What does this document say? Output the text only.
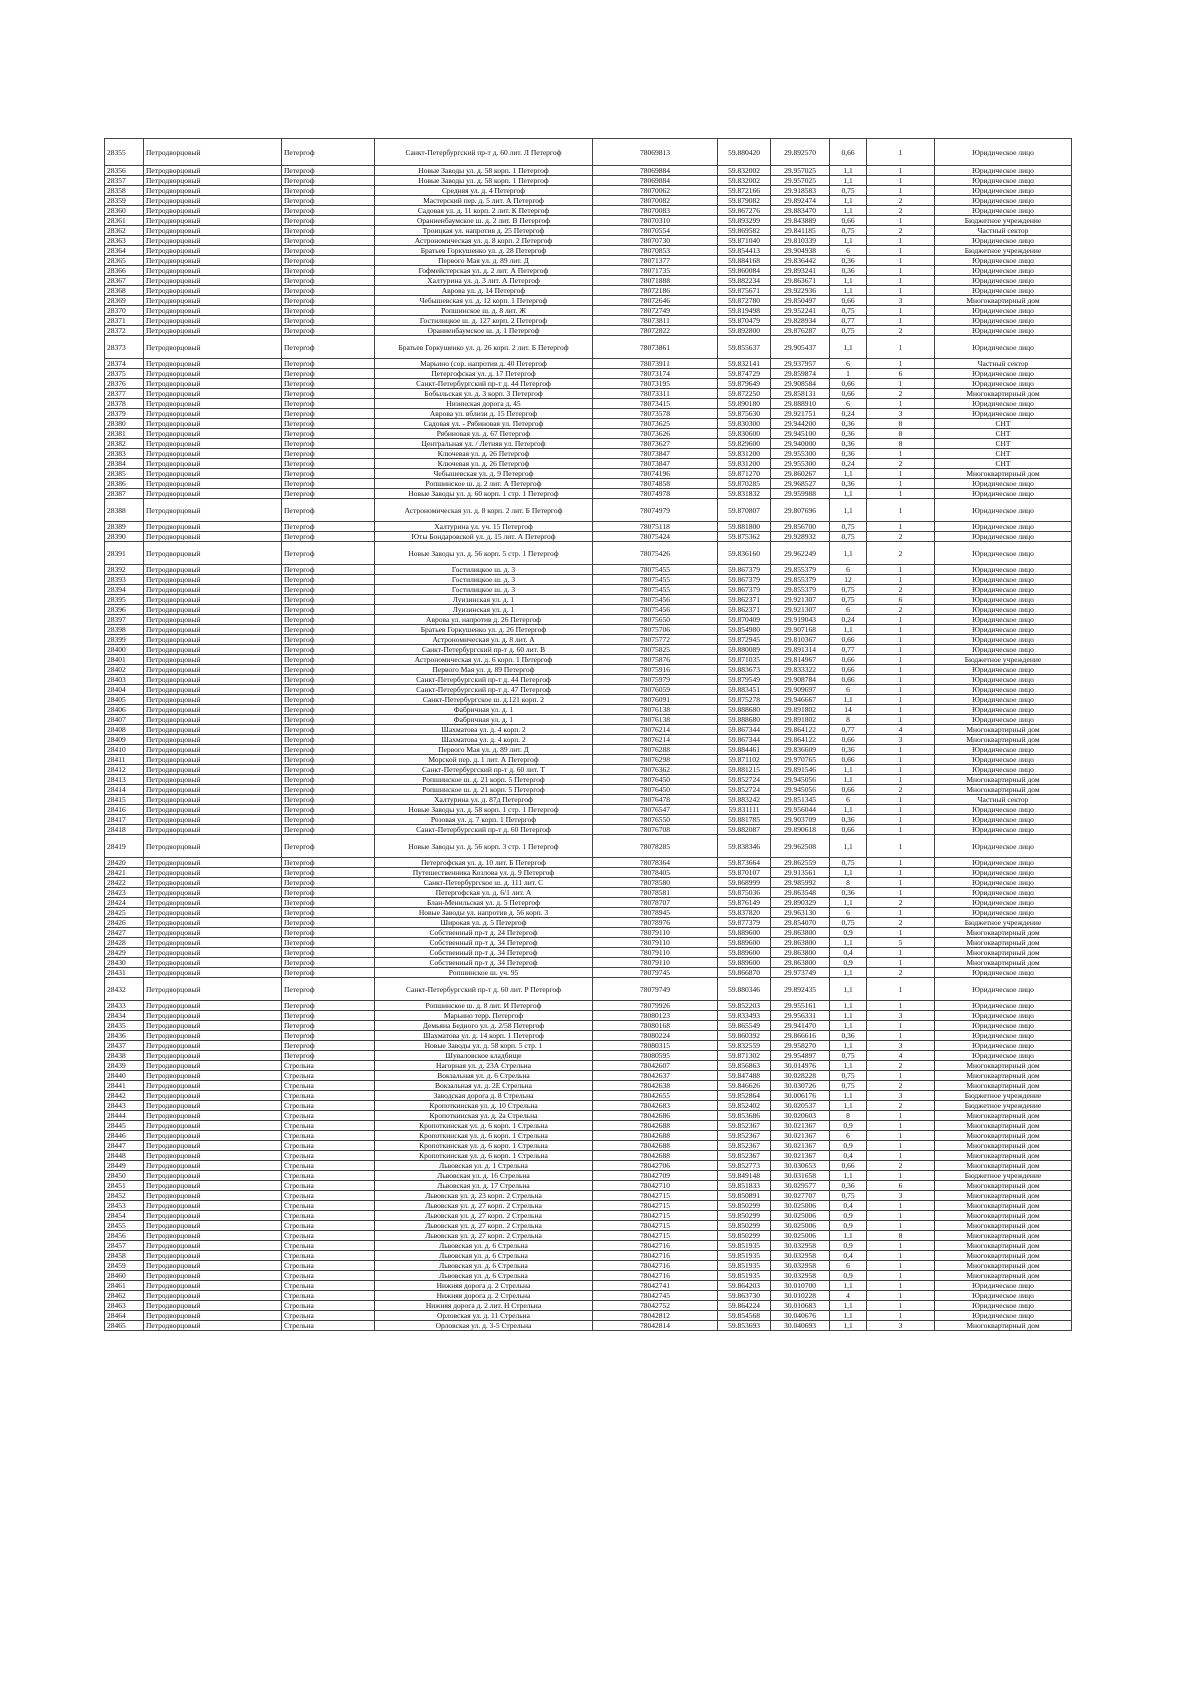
28355	Петродворцовый	Петергоф	Санкт-Петербургский пр-т д. 60 лит. Л Петергоф	78069813	59.880420	29.892570	0,66	1	Юридическое лицо
28356	Петродворцовый	Петергоф	Новые Заводы ул. д. 58 корп. 1 Петергоф	78069884	59.832002	29.957025	1,1	1	Юридическое лицо
28357	Петродворцовый	Петергоф	Новые Заводы ул. д. 58 корп. 1 Петергоф	78069884	59.832002	29.957025	1,1	1	Юридическое лицо
28358	Петродворцовый	Петергоф	Средняя ул. д. 4 Петергоф	78070062	59.872166	29.918583	0,75	1	Юридическое лицо
28359	Петродворцовый	Петергоф	Мастерский пер. д. 5 лит. А Петергоф	78070082	59.879082	29.892474	1,1	2	Юридическое лицо
28360	Петродворцовый	Петергоф	Садовая ул. д. 11 корп. 2 лит. К Петергоф	78070083	59.867276	29.883470	1,1	2	Юридическое лицо
28361	Петродворцовый	Петергоф	Ораниенбаумское ш. д. 2 лит. В Петергоф	78070310	59.893299	29.843889	0,66	1	Бюджетное учреждение
28362	Петродворцовый	Петергоф	Троицкая ул. напротив д. 25 Петергоф	78070554	59.869582	29.841185	0,75	2	Частный сектор
28363	Петродворцовый	Петергоф	Астрономическая ул. д. 8 корп. 2 Петергоф	78070730	59.871040	29.810339	1,1	1	Юридическое лицо
28364	Петродворцовый	Петергоф	Братьев Горкушенко ул. д. 28 Петергоф	78070853	59.854413	29.904938	6	1	Бюджетное учреждение
28365	Петродворцовый	Петергоф	Первого Мая ул. д. 89 лит. Д	78071377	59.884168	29.836442	0,36	1	Юридическое лицо
28366	Петродворцовый	Петергоф	Гофмейстерская ул. д. 2 лит. А Петергоф	78071735	59.860084	29.893241	0,36	1	Юридическое лицо
28367	Петродворцовый	Петергоф	Халтурина ул. д. 3 лит. А Петергоф	78071888	59.882234	29.863671	1,1	1	Юридическое лицо
28368	Петродворцовый	Петергоф	Аврова ул. д. 14 Петергоф	78072186	59.875671	29.922936	1,1	1	Юридическое лицо
28369	Петродворцовый	Петергоф	Чебышевская ул. д. 12 корп. 1 Петергоф	78072646	59.872780	29.850497	0,66	3	Многоквартирный дом
28370	Петродворцовый	Петергоф	Ропшинское ш. д. 8 лит. Ж	78072749	59.819498	29.952241	0,75	1	Юридическое лицо
28371	Петродворцовый	Петергоф	Гостилицкое ш. д. 127 корп. 2 Петергоф	78073811	59.870479	29.828934	0,77	1	Юридическое лицо
28372	Петродворцовый	Петергоф	Ораниенбаумское ш. д. 1 Петергоф	78072822	59.892800	29.876287	0,75	2	Юридическое лицо
28373	Петродворцовый	Петергоф	Братьев Горкушенко ул. д. 26 корп. 2 лит. Б Петергоф	78073861	59.855637	29.905437	1,1	1	Юридическое лицо
28374	Петродворцовый	Петергоф	Марьино (сор. напротив д. 40 Петергоф	78073911	59.832141	29.937957	6	1	Частный сектор
28375	Петродворцовый	Петергоф	Петергофская ул. д. 17 Петергоф	78073174	59.874729	29.859874	1	6	Юридическое лицо
28376	Петродворцовый	Петергоф	Санкт-Петербургский пр-т д. 44 Петергоф	78073195	59.879649	29.908584	0,66	1	Юридическое лицо
28377	Петродворцовый	Петергоф	Бобыльская ул. д. 3 корп. 3 Петергоф	78073311	59.872250	29.858131	0,66	2	Многоквартирный дом
28378	Петродворцовый	Петергоф	Низинская дорога д. 45	78073415	59.890180	29.888910	6	1	Юридическое лицо
28379	Петродворцовый	Петергоф	Аврова ул. вблизи д. 15 Петергоф	78073578	59.875630	29.921751	0,24	3	Юридическое лицо
28380	Петродворцовый	Петергоф	Садовая ул. - Рябиновая ул. Петергоф	78073625	59.830300	29.944200	0,36	8	СНТ
28381	Петродворцовый	Петергоф	Рябиновая ул. д. 67 Петергоф	78073626	59.830600	29.945100	0,36	8	СНТ
28382	Петродворцовый	Петергоф	Центральная ул. / Летняя ул. Петергоф	78073627	59.829600	29.940000	0,36	8	СНТ
28383	Петродворцовый	Петергоф	Ключевая ул. д. 26 Петергоф	78073847	59.831200	29.955300	0,36	1	СНТ
28384	Петродворцовый	Петергоф	Ключевая ул. д. 26 Петергоф	78073847	59.831200	29.955300	0,24	2	СНТ
28385	Петродворцовый	Петергоф	Чебышевская ул. д. 9 Петергоф	78074196	59.871270	29.860267	1,1	1	Многоквартирный дом
28386	Петродворцовый	Петергоф	Ропшинское ш. д. 2 лит. А Петергоф	78074858	59.870285	29.968527	0,36	1	Юридическое лицо
28387	Петродворцовый	Петергоф	Новые Заводы ул. д. 60 корп. 1 стр. 1 Петергоф	78074978	59.831832	29.959988	1,1	1	Юридическое лицо
28388	Петродворцовый	Петергоф	Астрономическая ул. д. 8 корп. 2 лит. Б Петергоф	78074979	59.870807	29.807696	1,1	1	Юридическое лицо
28389	Петродворцовый	Петергоф	Халтурина ул. уч. 15 Петергоф	78075118	59.881800	29.856700	0,75	1	Юридическое лицо
28390	Петродворцовый	Петергоф	Юты Бондаровской ул. д. 15 лит. А Петергоф	78075424	59.875362	29.928932	0,75	2	Юридическое лицо
28391	Петродворцовый	Петергоф	Новые Заводы ул. д. 56 корп. 5 стр. 1 Петергоф	78075426	59.836160	29.962249	1,1	2	Юридическое лицо
28392	Петродворцовый	Петергоф	Гостилицкое ш. д. 3	78075455	59.867379	29.855379	6	1	Юридическое лицо
28393	Петродворцовый	Петергоф	Гостилицкое ш. д. 3	78075455	59.867379	29.855379	12	1	Юридическое лицо
28394	Петродворцовый	Петергоф	Гостилицкое ш. д. 3	78075455	59.867379	29.855379	0,75	2	Юридическое лицо
28395	Петродворцовый	Петергоф	Луизинская ул. д. 1	78075456	59.862371	29.921307	0,75	6	Юридическое лицо
28396	Петродворцовый	Петергоф	Луизинская ул. д. 1	78075456	59.862371	29.921307	6	2	Юридическое лицо
28397	Петродворцовый	Петергоф	Аврова ул. напротив д. 26 Петергоф	78075650	59.870409	29.919043	0,24	1	Юридическое лицо
28398	Петродворцовый	Петергоф	Братьев Горкушенко ул. д. 26 Петергоф	78075706	59.854980	29.907168	1,1	1	Юридическое лицо
28399	Петродворцовый	Петергоф	Астрономическая ул. д. 8 лит. А	78075772	59.872945	29.810367	0,66	1	Юридическое лицо
28400	Петродворцовый	Петергоф	Санкт-Петербургский пр-т д. 60 лит. В	78075825	59.880089	29.891314	0,77	1	Юридическое лицо
28401	Петродворцовый	Петергоф	Астрономическая ул. д. 6 корп. 1 Петергоф	78075876	59.871035	29.814967	0,66	1	Бюджетное учреждение
28402	Петродворцовый	Петергоф	Первого Мая ул. д. 89 Петергоф	78075916	59.883673	29.833322	0,66	1	Юридическое лицо
28403	Петродворцовый	Петергоф	Санкт-Петербургский пр-т д. 44 Петергоф	78075979	59.879549	29.908784	0,66	1	Юридическое лицо
28404	Петродворцовый	Петергоф	Санкт-Петербургский пр-т д. 47 Петергоф	78076059	59.883451	29.909697	6	1	Юридическое лицо
28405	Петродворцовый	Петергоф	Санкт-Петербургское ш. д.121 корп. 2	78076091	59.875278	29.946667	1,1	1	Юридическое лицо
28406	Петродворцовый	Петергоф	Фабричная ул. д. 1	78076138	59.888680	29.891802	14	1	Юридическое лицо
28407	Петродворцовый	Петергоф	Фабричная ул. д. 1	78076138	59.888680	29.891802	8	1	Юридическое лицо
28408	Петродворцовый	Петергоф	Шахматова ул. д. 4 корп. 2	78076214	59.867344	29.864122	0,77	4	Многоквартирный дом
28409	Петродворцовый	Петергоф	Шахматова ул. д. 4 корп. 2	78076214	59.867344	29.864122	0,66	3	Многоквартирный дом
28410	Петродворцовый	Петергоф	Первого Мая ул. д. 89 лит. Д	78076288	59.884461	29.836609	0,36	1	Юридическое лицо
28411	Петродворцовый	Петергоф	Морской пер. д. 1 лит. А Петергоф	78076298	59.871102	29.970765	0,66	1	Юридическое лицо
28412	Петродворцовый	Петергоф	Санкт-Петербургский пр-т д. 60 лит. Т	78076362	59.881215	29.891546	1,1	1	Юридическое лицо
28413	Петродворцовый	Петергоф	Ропшинское ш. д. 21 корп. 5 Петергоф	78076450	59.852724	29.945056	1,1	1	Многоквартирный дом
28414	Петродворцовый	Петергоф	Ропшинское ш. д. 21 корп. 5 Петергоф	78076450	59.852724	29.945056	0,66	2	Многоквартирный дом
28415	Петродворцовый	Петергоф	Халтурина ул. д. 87д Петергоф	78076478	59.883242	29.851345	6	1	Частный сектор
28416	Петродворцовый	Петергоф	Новые Заводы ул. д. 58 корп. 1 стр. 1 Петергоф	78076547	59.831111	29.956044	1,1	1	Юридическое лицо
28417	Петродворцовый	Петергоф	Розовая ул. д. 7 корп. 1 Петергоф	78076550	59.881785	29.903709	0,36	1	Юридическое лицо
28418	Петродворцовый	Петергоф	Санкт-Петербургский пр-т д. 60 Петергоф	78076708	59.882087	29.890618	0,66	1	Юридическое лицо
28419	Петродворцовый	Петергоф	Новые Заводы ул. д. 56 корп. 3 стр. 1 Петергоф	78078285	59.838346	29.962508	1,1	1	Юридическое лицо
28420	Петродворцовый	Петергоф	Петергофская ул. д. 10 лит. Б Петергоф	78078364	59.873664	29.862559	0,75	1	Юридическое лицо
28421	Петродворцовый	Петергоф	Путешественника Козлова ул. д. 9 Петергоф	78078405	59.870107	29.913561	1,1	1	Юридическое лицо
28422	Петродворцовый	Петергоф	Санкт-Петербургское ш. д. 111 лит. С	78078580	59.868999	29.985992	8	1	Юридическое лицо
28423	Петродворцовый	Петергоф	Петергофская ул. д. 6/1 лит. А	78078581	59.875036	29.863548	0,36	1	Юридическое лицо
28424	Петродворцовый	Петергоф	Блан-Менильская ул. д. 5 Петергоф	78078707	59.876149	29.890329	1,1	2	Юридическое лицо
28425	Петродворцовый	Петергоф	Новые Заводы ул. напротив д. 56 корп. 3	78078945	59.837820	29.963130	6	1	Юридическое лицо
28426	Петродворцовый	Петергоф	Широкая ул. д. 5 Петергоф	78078976	59.877379	29.854070	0,75	2	Бюджетное учреждение
28427	Петродворцовый	Петергоф	Собственный пр-т д. 24 Петергоф	78079110	59.889600	29.863800	0,9	1	Многоквартирный дом
28428	Петродворцовый	Петергоф	Собственный пр-т д. 34 Петергоф	78079110	59.889600	29.863800	1,1	5	Многоквартирный дом
28429	Петродворцовый	Петергоф	Собственный пр-т д. 34 Петергоф	78079110	59.889600	29.863800	0,4	1	Многоквартирный дом
28430	Петродворцовый	Петергоф	Собственный пр-т д. 34 Петергоф	78079110	59.889600	29.863800	0,9	1	Многоквартирный дом
28431	Петродворцовый	Петергоф	Ропшинское ш. уч. 95	78079745	59.866870	29.973749	1,1	2	Юридическое лицо
28432	Петродворцовый	Петергоф	Санкт-Петербургский пр-т д. 60 лит. Р Петергоф	78079749	59.880346	29.892435	1,1	1	Юридическое лицо
28433	Петродворцовый	Петергоф	Ропшинское ш. д. 8 лит. И Петергоф	78079926	59.852203	29.955161	1,1	1	Юридическое лицо
28434	Петродворцовый	Петергоф	Марьино терр. Петергоф	78080123	59.833493	29.956331	1,1	3	Юридическое лицо
28435	Петродворцовый	Петергоф	Демьяна Бедного ул. д. 2/58 Петергоф	78080168	59.865549	29.941470	1,1	1	Юридическое лицо
28436	Петродворцовый	Петергоф	Шахматова ул. д. 14 корп. 1 Петергоф	78080224	59.860392	29.866616	0,36	1	Юридическое лицо
28437	Петродворцовый	Петергоф	Новые Заводы ул. д. 58 корп. 5 стр. 1	78080315	59.832559	29.958270	1,1	3	Юридическое лицо
28438	Петродворцовый	Петергоф	Шуваловское кладбище	78080595	59.871302	29.954897	0,75	4	Юридическое лицо
28439	Петродворцовый	Стрельна	Нагорная ул. д. 23А Стрельна	78042607	59.856863	30.014976	1,1	2	Многоквартирный дом
28440	Петродворцовый	Стрельна	Вокзальная ул. д. 6 Стрельна	78042637	59.847488	30.028228	0,75	1	Многоквартирный дом
28441	Петродворцовый	Стрельна	Вокзальная ул. д. 2Е Стрельна	78042638	59.846626	30.030726	0,75	2	Многоквартирный дом
28442	Петродворцовый	Стрельна	Заводская дорога д. 8 Стрельна	78042655	59.852864	30.006176	1,1	3	Бюджетное учреждение
28443	Петродворцовый	Стрельна	Кропоткинская ул. д. 10 Стрельна	78042683	59.852402	30.020537	1,1	2	Бюджетное учреждение
28444	Петродворцовый	Стрельна	Кропоткинская ул. д. 2а Стрельна	78042686	59.853686	30.020603	8	1	Многоквартирный дом
28445	Петродворцовый	Стрельна	Кропоткинская ул. д. 6 корп. 1 Стрельна	78042688	59.852367	30.021367	0,9	1	Многоквартирный дом
28446	Петродворцовый	Стрельна	Кропоткинская ул. д. 6 корп. 1 Стрельна	78042688	59.852367	30.021367	6	1	Многоквартирный дом
28447	Петродворцовый	Стрельна	Кропоткинская ул. д. 6 корп. 1 Стрельна	78042688	59.852367	30.021367	0,9	1	Многоквартирный дом
28448	Петродворцовый	Стрельна	Кропоткинская ул. д. 6 корп. 1 Стрельна	78042688	59.852367	30.021367	0,4	1	Многоквартирный дом
28449	Петродворцовый	Стрельна	Львовская ул. д. 1 Стрельна	78042706	59.852773	30.030653	0,66	2	Многоквартирный дом
28450	Петродворцовый	Стрельна	Львовская ул. д. 16 Стрельна	78042709	59.849148	30.031658	1,1	1	Бюджетное учреждение
28451	Петродворцовый	Стрельна	Львовская ул. д. 17 Стрельна	78042710	59.851833	30.029577	0,36	6	Многоквартирный дом
28452	Петродворцовый	Стрельна	Львовская ул. д. 23 корп. 2 Стрельна	78042715	59.850891	30.027707	0,75	3	Многоквартирный дом
28453	Петродворцовый	Стрельна	Львовская ул. д. 27 корп. 2 Стрельна	78042715	59.850299	30.025006	0,4	1	Многоквартирный дом
28454	Петродворцовый	Стрельна	Львовская ул. д. 27 корп. 2 Стрельна	78042715	59.850299	30.025006	0,9	1	Многоквартирный дом
28455	Петродворцовый	Стрельна	Львовская ул. д. 27 корп. 2 Стрельна	78042715	59.850299	30.025006	0,9	1	Многоквартирный дом
28456	Петродворцовый	Стрельна	Львовская ул. д. 27 корп. 2 Стрельна	78042715	59.850299	30.025006	1,1	8	Многоквартирный дом
28457	Петродворцовый	Стрельна	Львовская ул. д. 6 Стрельна	78042716	59.851935	30.032958	0,9	1	Многоквартирный дом
28458	Петродворцовый	Стрельна	Львовская ул. д. 6 Стрельна	78042716	59.851935	30.032958	0,4	1	Многоквартирный дом
28459	Петродворцовый	Стрельна	Львовская ул. д. 6 Стрельна	78042716	59.851935	30.032958	6	1	Многоквартирный дом
28460	Петродворцовый	Стрельна	Львовская ул. д. 6 Стрельна	78042716	59.851935	30.032958	0,9	1	Многоквартирный дом
28461	Петродворцовый	Стрельна	Нижняя дорога д. 2 Стрельна	78042741	59.864203	30.010700	1,1	1	Юридическое лицо
28462	Петродворцовый	Стрельна	Нижняя дорога д. 2 Стрельна	78042745	59.863730	30.010228	4	1	Юридическое лицо
28463	Петродворцовый	Стрельна	Нижняя дорога д. 2 лит. Н Стрельна	78042752	59.864224	30.010683	1,1	1	Юридическое лицо
28464	Петродворцовый	Стрельна	Орловская ул. д. 11 Стрельна	78042812	59.854568	30.040676	1,1	1	Юридическое лицо
28465	Петродворцовый	Стрельна	Орловская ул. д. 3-5 Стрельна	78042814	59.853693	30.040693	1,1	3	Многоквартирный дом
